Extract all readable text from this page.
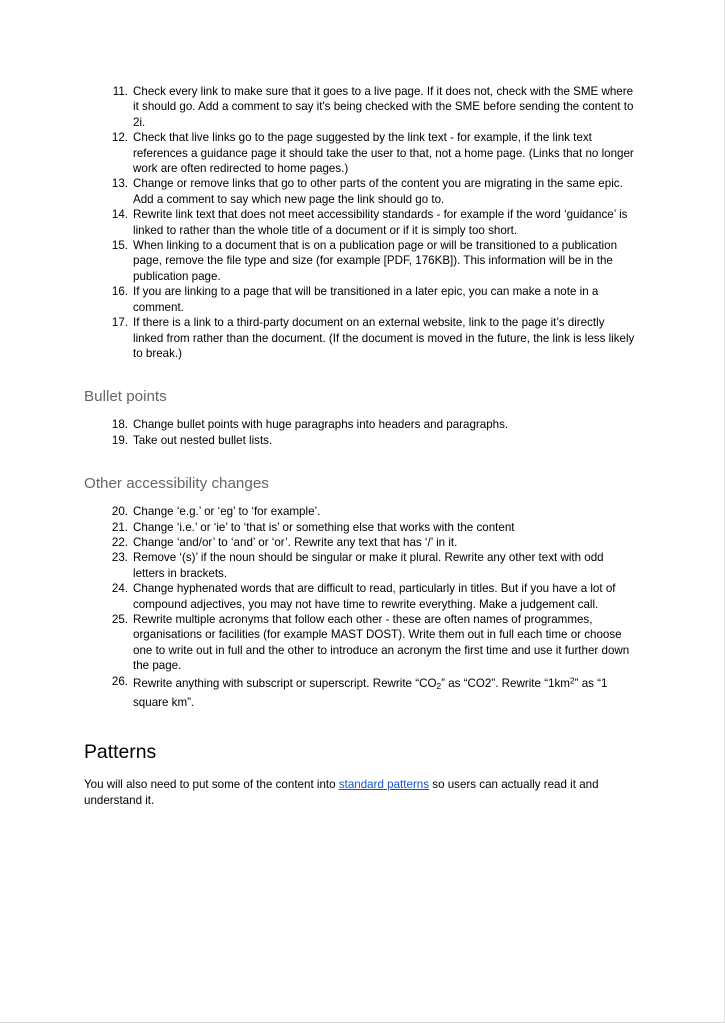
11. Check every link to make sure that it goes to a live page. If it does not, check with the SME where it should go. Add a comment to say it's being checked with the SME before sending the content to 2i.
12. Check that live links go to the page suggested by the link text - for example, if the link text references a guidance page it should take the user to that, not a home page. (Links that no longer work are often redirected to home pages.)
13. Change or remove links that go to other parts of the content you are migrating in the same epic. Add a comment to say which new page the link should go to.
14. Rewrite link text that does not meet accessibility standards - for example if the word ‘guidance’ is linked to rather than the whole title of a document or if it is simply too short.
15. When linking to a document that is on a publication page or will be transitioned to a publication page, remove the file type and size (for example [PDF, 176KB]). This information will be in the publication page.
16. If you are linking to a page that will be transitioned in a later epic, you can make a note in a comment.
17. If there is a link to a third-party document on an external website, link to the page it’s directly linked from rather than the document. (If the document is moved in the future, the link is less likely to break.)
Bullet points
18. Change bullet points with huge paragraphs into headers and paragraphs.
19. Take out nested bullet lists.
Other accessibility changes
20. Change ‘e.g.’ or ‘eg’ to ‘for example’.
21. Change ‘i.e.’ or ‘ie’ to ‘that is’ or something else that works with the content
22. Change ‘and/or’ to ‘and’ or ‘or’. Rewrite any text that has ‘/’ in it.
23. Remove ‘(s)’ if the noun should be singular or make it plural. Rewrite any other text with odd letters in brackets.
24. Change hyphenated words that are difficult to read, particularly in titles. But if you have a lot of compound adjectives, you may not have time to rewrite everything. Make a judgement call.
25. Rewrite multiple acronyms that follow each other - these are often names of programmes, organisations or facilities (for example MAST DOST). Write them out in full each time or choose one to write out in full and the other to introduce an acronym the first time and use it further down the page.
26. Rewrite anything with subscript or superscript. Rewrite “$CO_2$” as “CO2”. Rewrite “$1km^2$” as “1 square km”.
Patterns

You will also need to put some of the content into standard patterns so users can actually read it and understand it.
